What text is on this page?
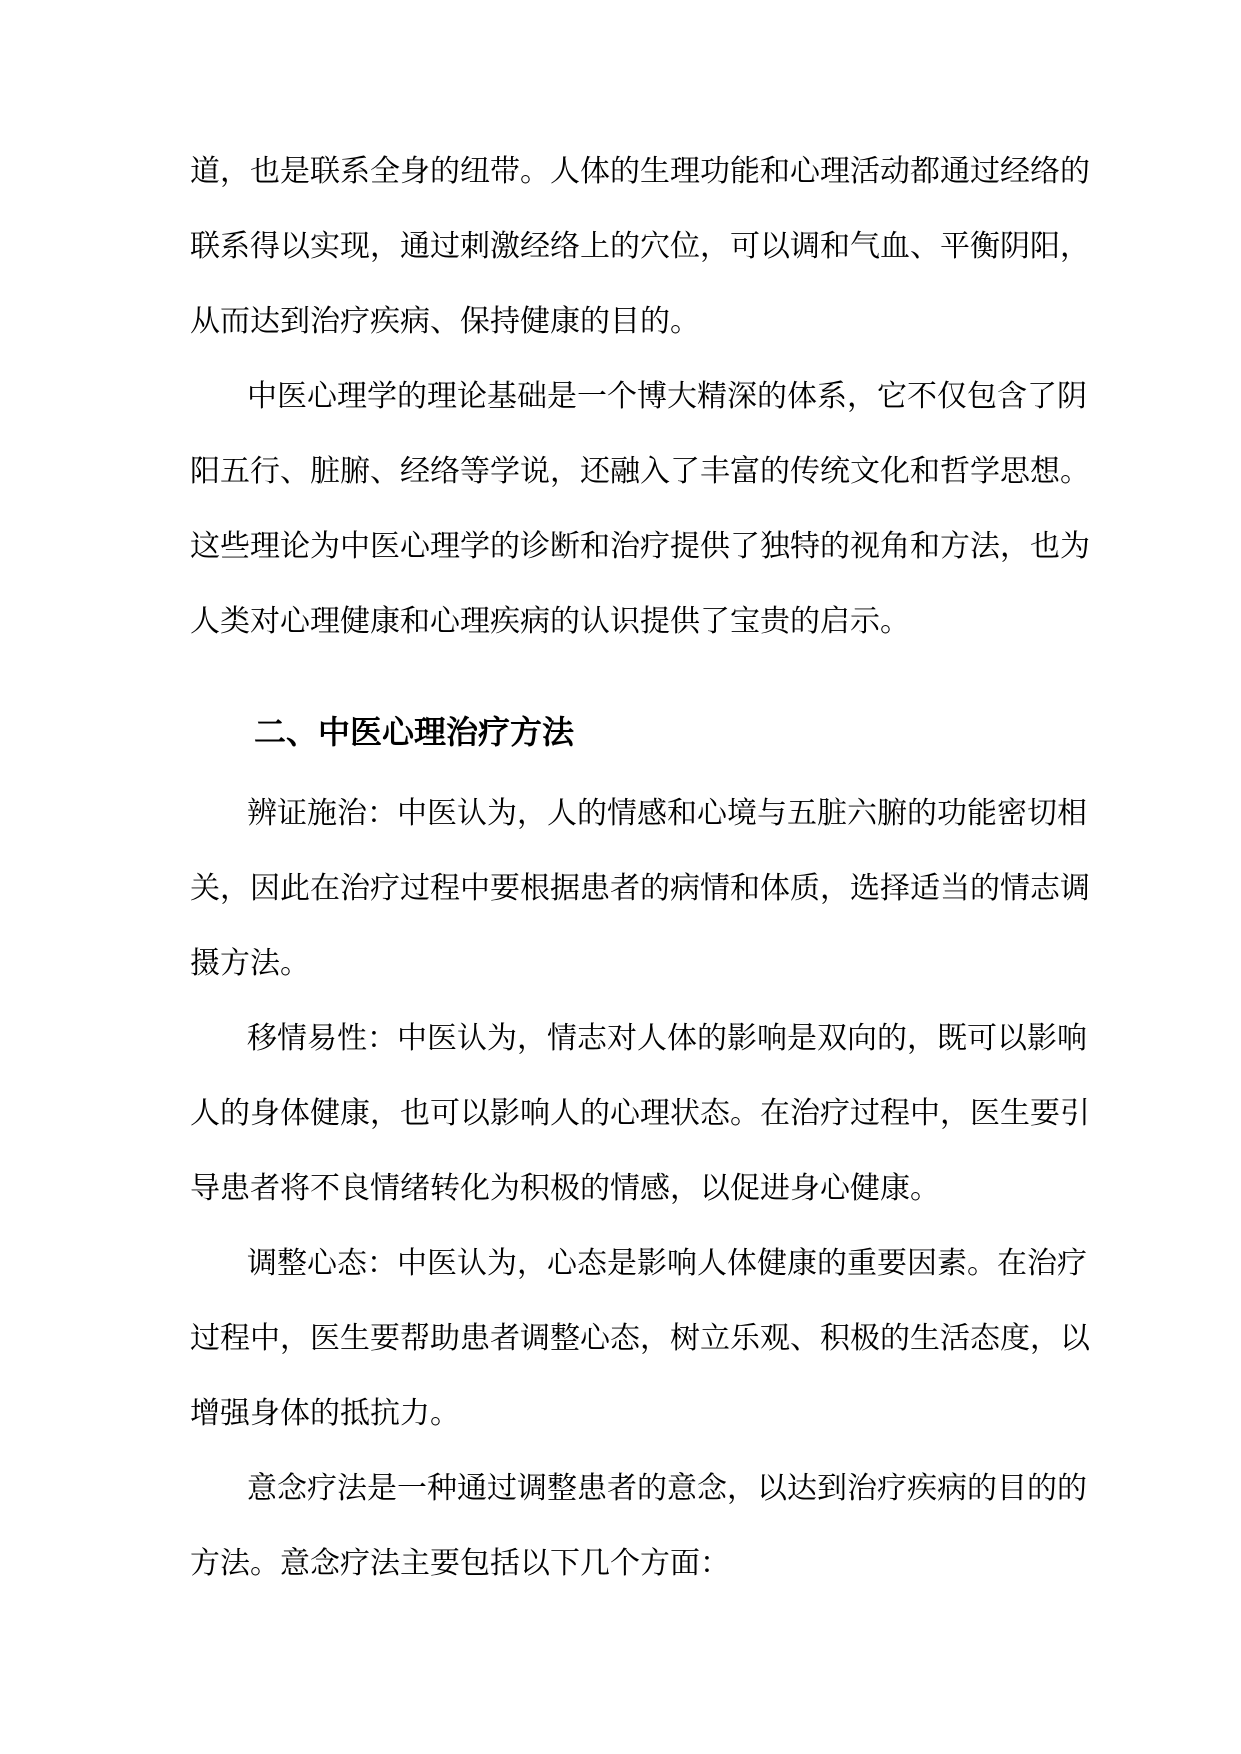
道，也是联系全身的纽带。人体的生理功能和心理活动都通过经络的
联系得以实现，通过刺激经络上的穴位，可以调和气血、平衡阴阳，
从而达到治疗疾病、保持健康的目的。
中医心理学的理论基础是一个博大精深的体系，它不仅包含了阴
阳五行、脏腑、经络等学说，还融入了丰富的传统文化和哲学思想。
这些理论为中医心理学的诊断和治疗提供了独特的视角和方法，也为
人类对心理健康和心理疾病的认识提供了宝贵的启示。
二、中医心理治疗方法
辨证施治：中医认为，人的情感和心境与五脏六腑的功能密切相
关，因此在治疗过程中要根据患者的病情和体质，选择适当的情志调
摄方法。
移情易性：中医认为，情志对人体的影响是双向的，既可以影响
人的身体健康，也可以影响人的心理状态。在治疗过程中，医生要引
导患者将不良情绪转化为积极的情感，以促进身心健康。
调整心态：中医认为，心态是影响人体健康的重要因素。在治疗
过程中，医生要帮助患者调整心态，树立乐观、积极的生活态度，以
增强身体的抵抗力。
意念疗法是一种通过调整患者的意念，以达到治疗疾病的目的的
方法。意念疗法主要包括以下几个方面：
